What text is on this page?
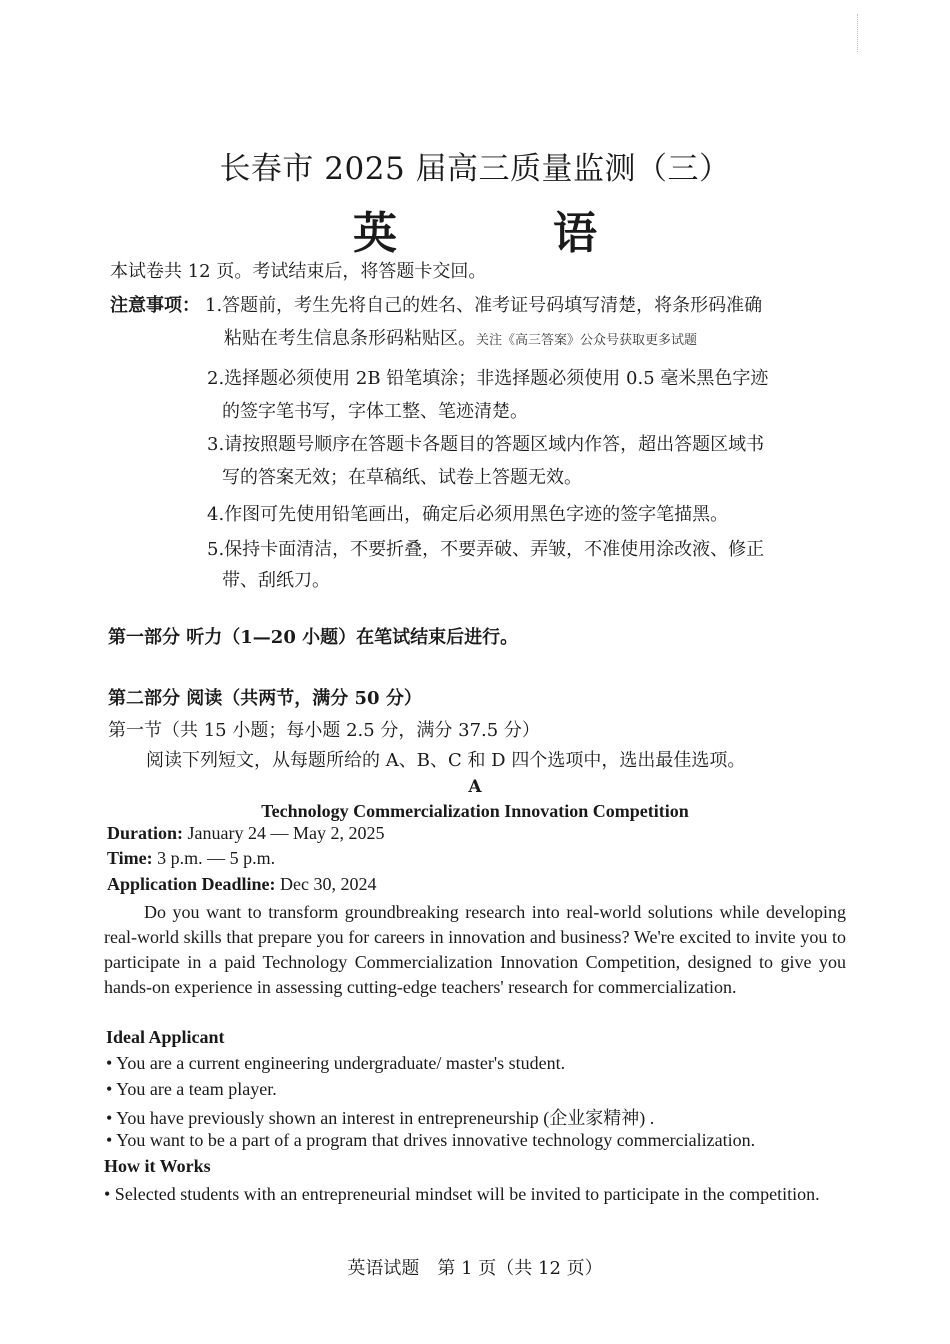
长春市 2025 届高三质量监测（三）
英　语
本试卷共 12 页。考试结束后，将答题卡交回。
注意事项： 1.答题前，考生先将自己的姓名、准考证号码填写清楚，将条形码准确
粘贴在考生信息条形码粘贴区。关注《高三答案》公众号获取更多试题
2.选择题必须使用 2B 铅笔填涂；非选择题必须使用 0.5 毫米黑色字迹
的签字笔书写，字体工整、笔迹清楚。
3.请按照题号顺序在答题卡各题目的答题区域内作答，超出答题区域书
写的答案无效；在草稿纸、试卷上答题无效。
4.作图可先使用铅笔画出，确定后必须用黑色字迹的签字笔描黑。
5.保持卡面清洁，不要折叠，不要弄破、弄皱，不准使用涂改液、修正
带、刮纸刀。
第一部分 听力（1—20 小题）在笔试结束后进行。
第二部分 阅读（共两节，满分 50 分）
第一节（共 15 小题；每小题 2.5 分，满分 37.5 分）
阅读下列短文，从每题所给的 A、B、C 和 D 四个选项中，选出最佳选项。
A
Technology Commercialization Innovation Competition
Duration: January 24 — May 2, 2025
Time: 3 p.m. — 5 p.m.
Application Deadline: Dec 30, 2024
Do you want to transform groundbreaking research into real-world solutions while developing real-world skills that prepare you for careers in innovation and business? We're excited to invite you to participate in a paid Technology Commercialization Innovation Competition, designed to give you hands-on experience in assessing cutting-edge teachers' research for commercialization.
Ideal Applicant
• You are a current engineering undergraduate/ master's student.
• You are a team player.
• You have previously shown an interest in entrepreneurship (企业家精神) .
• You want to be a part of a program that drives innovative technology commercialization.
How it Works
• Selected students with an entrepreneurial mindset will be invited to participate in the competition.
英语试题　第 1 页（共 12 页）
